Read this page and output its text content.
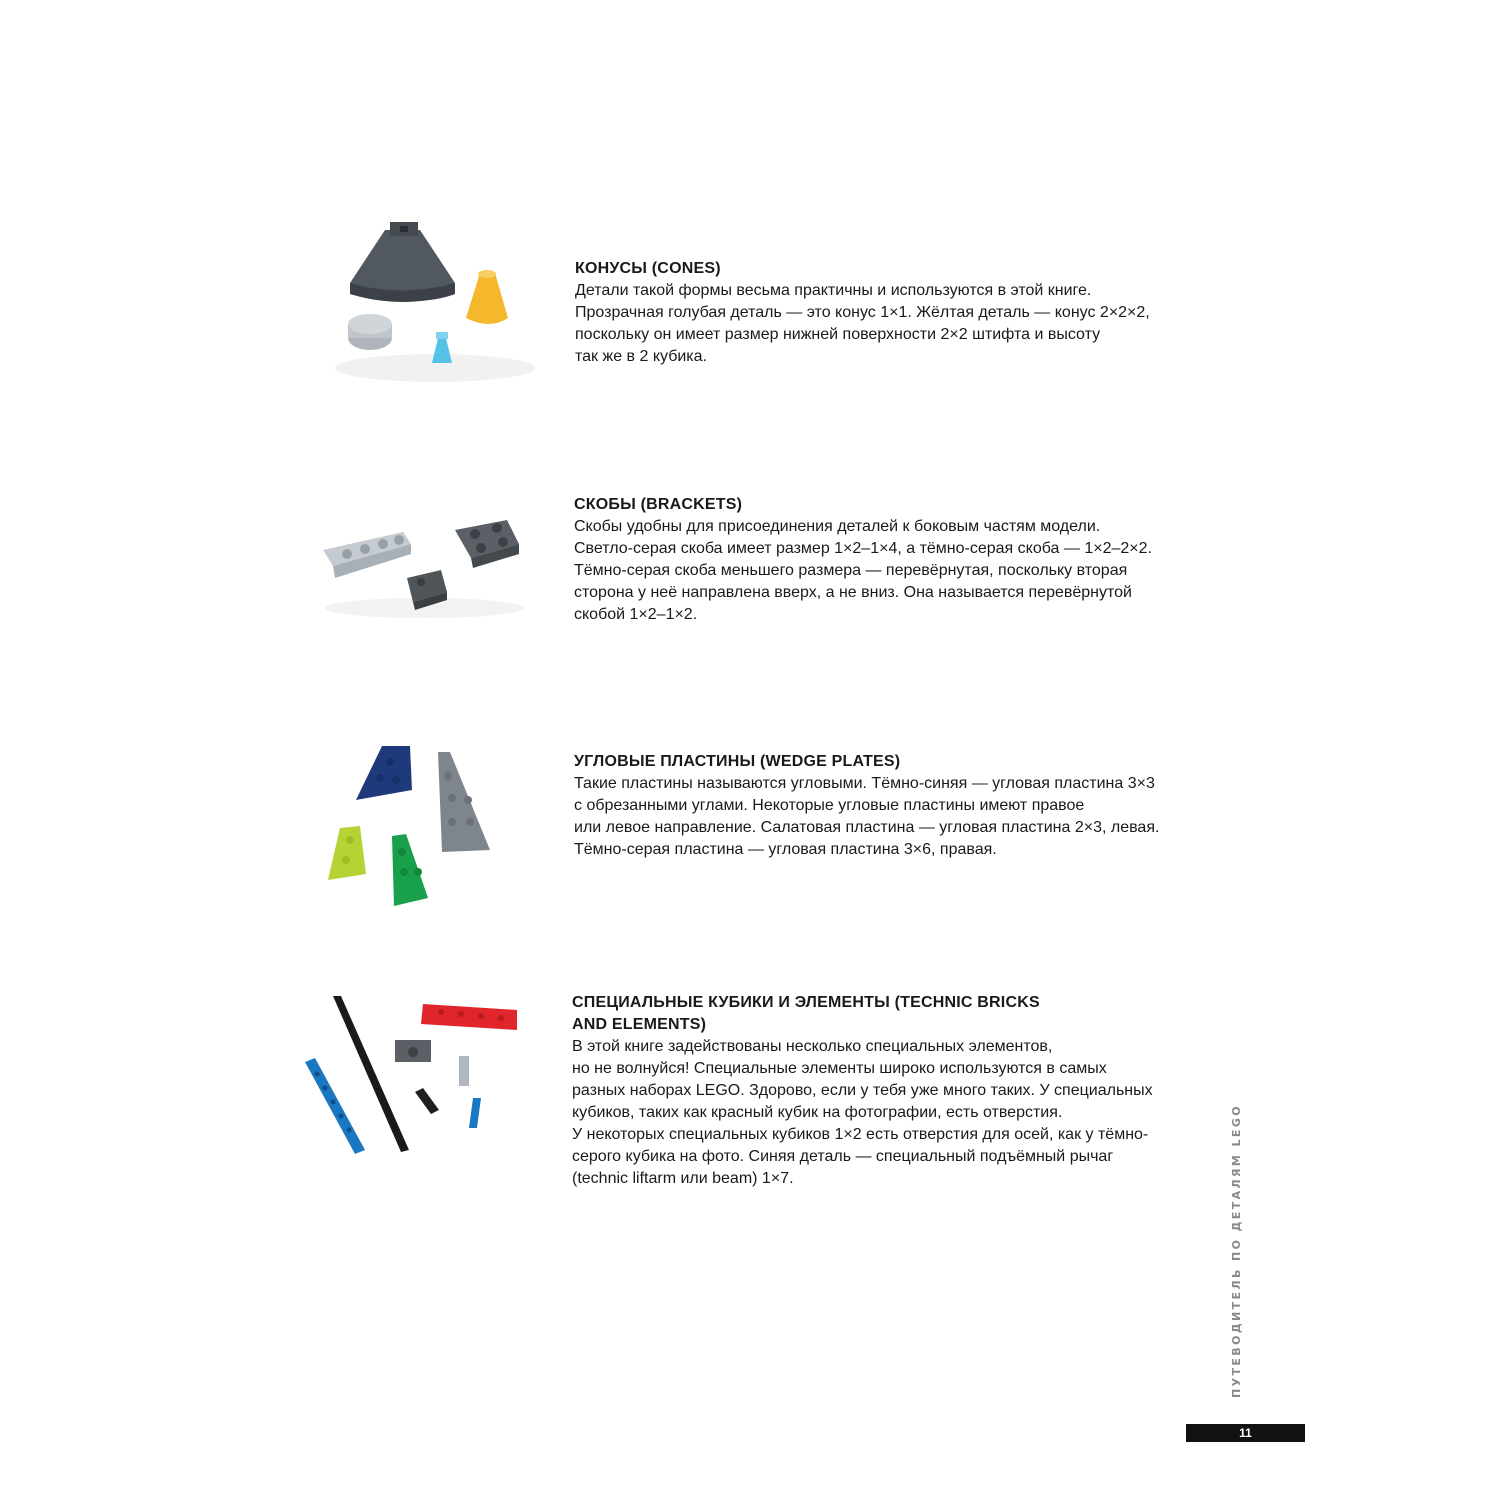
КОНУСЫ (CONES)

Детали такой формы весьма практичны и используются в этой книге.

Прозрачная голубая деталь — это конус 1×1. Жёлтая деталь — конус 2×2×2,

поскольку он имеет размер нижней поверхности 2×2 штифта и высоту

так же в 2 кубика.

СКОБЫ (BRACKETS)

Скобы удобны для присоединения деталей к боковым частям модели.

Светло-серая скоба имеет размер 1×2–1×4, а тёмно-серая скоба — 1×2–2×2.

Тёмно-серая скоба меньшего размера — перевёрнутая, поскольку вторая

сторона у неё направлена вверх, а не вниз. Она называется перевёрнутой

скобой 1×2–1×2.

УГЛОВЫЕ ПЛАСТИНЫ (WEDGE PLATES)

Такие пластины называются угловыми. Тёмно-синяя — угловая пластина 3×3

с обрезанными углами. Некоторые угловые пластины имеют правое

или левое направление. Салатовая пластина — угловая пластина 2×3, левая.

Тёмно-серая пластина — угловая пластина 3×6, правая.

СПЕЦИАЛЬНЫЕ КУБИКИ И ЭЛЕМЕНТЫ (TECHNIC BRICKS

AND ELEMENTS)

В этой книге задействованы несколько специальных элементов,

но не волнуйся! Специальные элементы широко используются в самых

разных наборах LEGO. Здорово, если у тебя уже много таких. У специальных

кубиков, таких как красный кубик на фотографии, есть отверстия.

У некоторых специальных кубиков 1×2 есть отверстия для осей, как у тёмно-

серого кубика на фото. Синяя деталь — специальный подъёмный рычаг

(technic liftarm или beam) 1×7.	ПУТЕВОДИТЕЛЬ ПО ДЕТАЛЯМ LEGO
11
